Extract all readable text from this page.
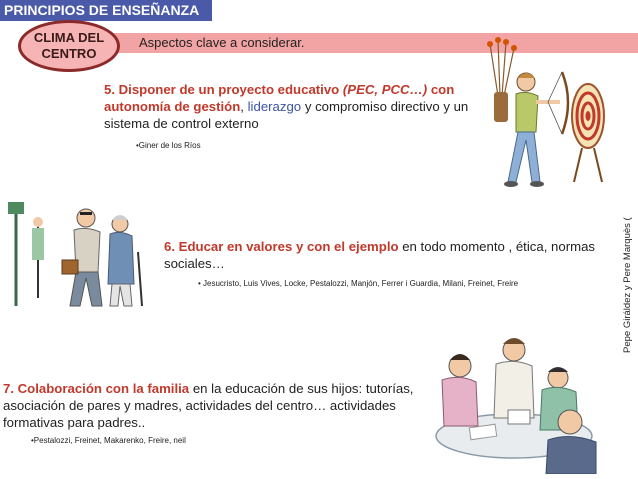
PRINCIPIOS DE ENSEÑANZA
Aspectos clave a considerar.
CLIMA DEL
CENTRO
5. Disponer de un proyecto educativo (PEC, PCC…) con autonomía de gestión, liderazgo y compromiso directivo y un sistema de control externo
•Giner de los Ríos
6. Educar en valores y con el ejemplo en todo momento , ética, normas sociales…
• Jesucristo, Luis Vives, Locke, Pestalozzi, Manjón, Ferrer i Guardia, Milani, Freinet, Freire
7. Colaboración con la familia en la educación de sus hijos: tutorías, asociación de pares y madres, actividades del centro… actividades formativas para padres..
•Pestalozzi, Freinet, Makarenko, Freire, neil
Pepe Giráldez y Pere Marquès (
